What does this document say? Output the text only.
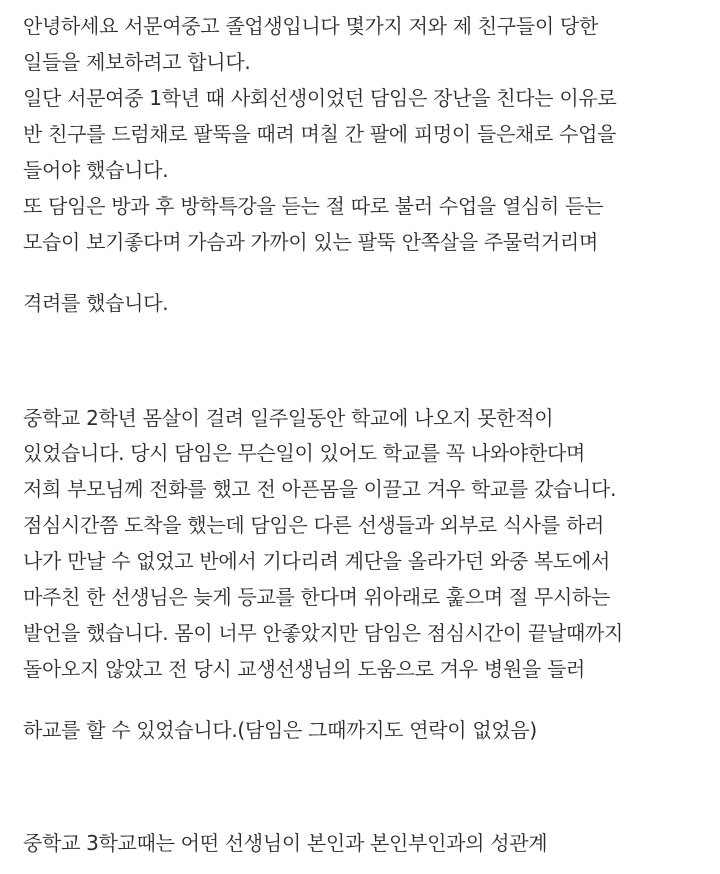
안녕하세요 서문여중고 졸업생입니다 몇가지 저와 제 친구들이 당한
일들을 제보하려고 합니다.
일단 서문여중 1학년 때 사회선생이었던 담임은 장난을 친다는 이유로
반 친구를 드럼채로 팔뚝을 때려 며칠 간 팔에 피멍이 들은채로 수업을
들어야 했습니다.
또 담임은 방과 후 방학특강을 듣는 절 따로 불러 수업을 열심히 듣는
모습이 보기좋다며 가슴과 가까이 있는 팔뚝 안쪽살을 주물럭거리며
격려를 했습니다.
중학교 2학년 몸살이 걸려 일주일동안 학교에 나오지 못한적이
있었습니다. 당시 담임은 무슨일이 있어도 학교를 꼭 나와야한다며
저희 부모님께 전화를 했고 전 아픈몸을 이끌고 겨우 학교를 갔습니다.
점심시간쯤 도착을 했는데 담임은 다른 선생들과 외부로 식사를 하러
나가 만날 수 없었고 반에서 기다리려 계단을 올라가던 와중 복도에서
마주친 한 선생님은 늦게 등교를 한다며 위아래로 훑으며 절 무시하는
발언을 했습니다. 몸이 너무 안좋았지만 담임은 점심시간이 끝날때까지
돌아오지 않았고 전 당시 교생선생님의 도움으로 겨우 병원을 들러
하교를 할 수 있었습니다.(담임은 그때까지도 연락이 없었음)
중학교 3학교때는 어떤 선생님이 본인과 본인부인과의 성관계
